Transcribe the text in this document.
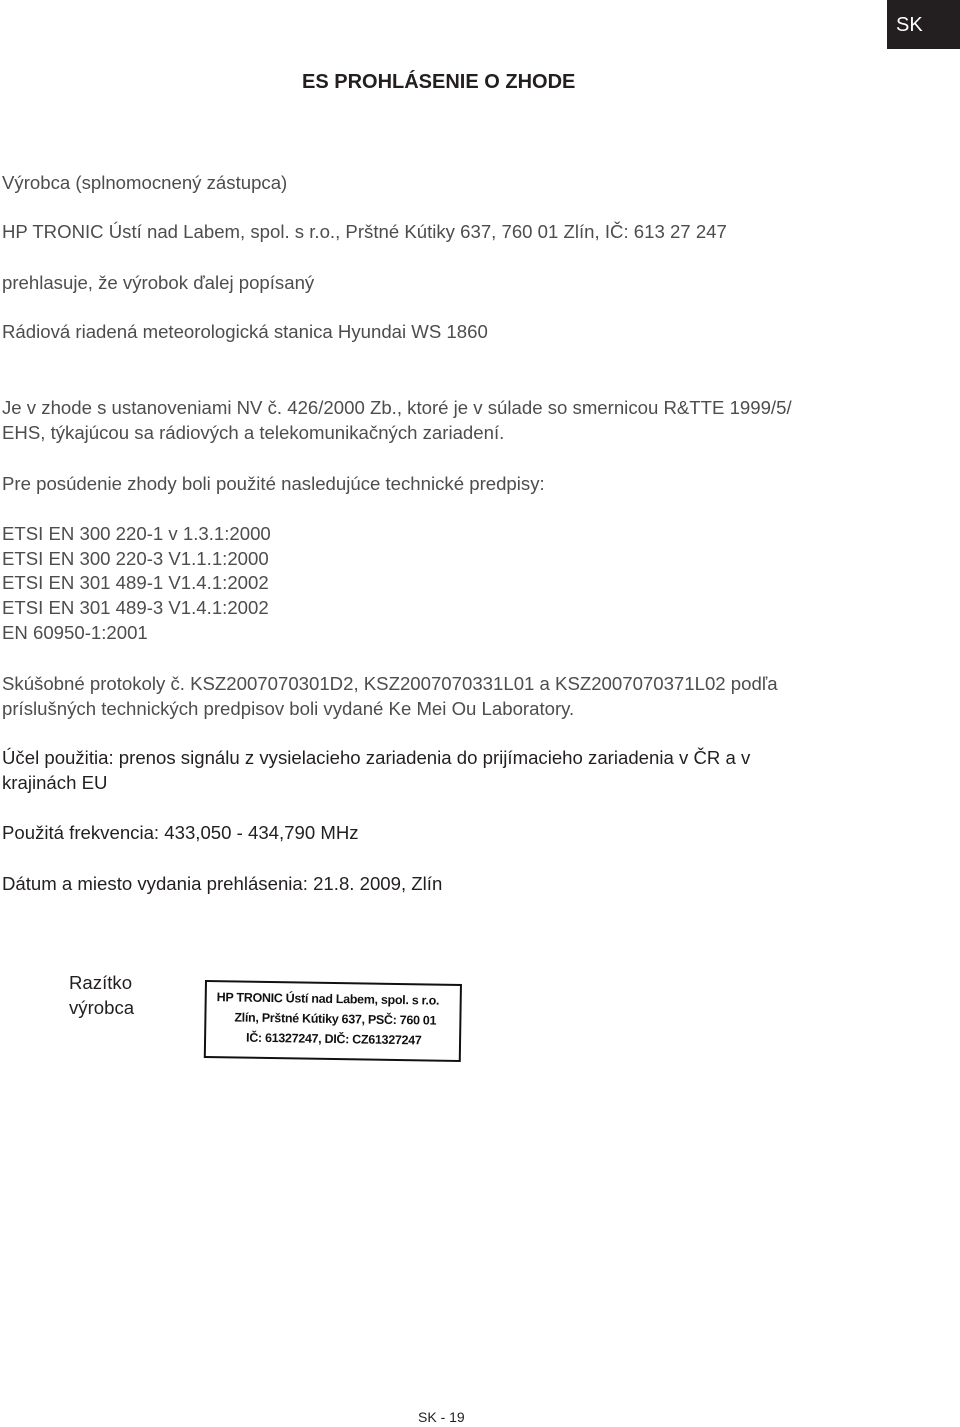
SK
ES PROHLÁSENIE O ZHODE
Výrobca (splnomocnený zástupca)
HP TRONIC Ústí nad Labem, spol. s r.o., Prštné Kútiky 637, 760 01 Zlín, IČ: 613 27 247
prehlasuje, že výrobok ďalej popísaný
Rádiová riadená meteorologická stanica Hyundai WS 1860
Je v zhode s ustanoveniami NV č. 426/2000 Zb., ktoré je v súlade so smernicou R&TTE 1999/5/
EHS, týkajúcou sa rádiových a telekomunikačných zariadení.
Pre posúdenie zhody boli použité nasledujúce technické predpisy:
ETSI EN 300 220-1 v 1.3.1:2000
ETSI EN 300 220-3 V1.1.1:2000
ETSI EN 301 489-1 V1.4.1:2002
ETSI EN 301 489-3 V1.4.1:2002
EN 60950-1:2001
Skúšobné protokoly č. KSZ2007070301D2, KSZ2007070331L01 a KSZ2007070371L02 podľa
príslušných technických predpisov boli vydané Ke Mei Ou Laboratory.
Účel použitia: prenos signálu z vysielacieho zariadenia do prijímacieho zariadenia v ČR a v
krajinách EU
Použitá frekvencia: 433,050 - 434,790 MHz
Dátum a miesto vydania prehlásenia: 21.8. 2009, Zlín
Razítko
výrobca	HP TRONIC Ústí nad Labem, spol. s r.o.
Zlín, Prštné Kútiky 637, PSČ: 760 01
IČ: 61327247, DIČ: CZ61327247
SK - 19
